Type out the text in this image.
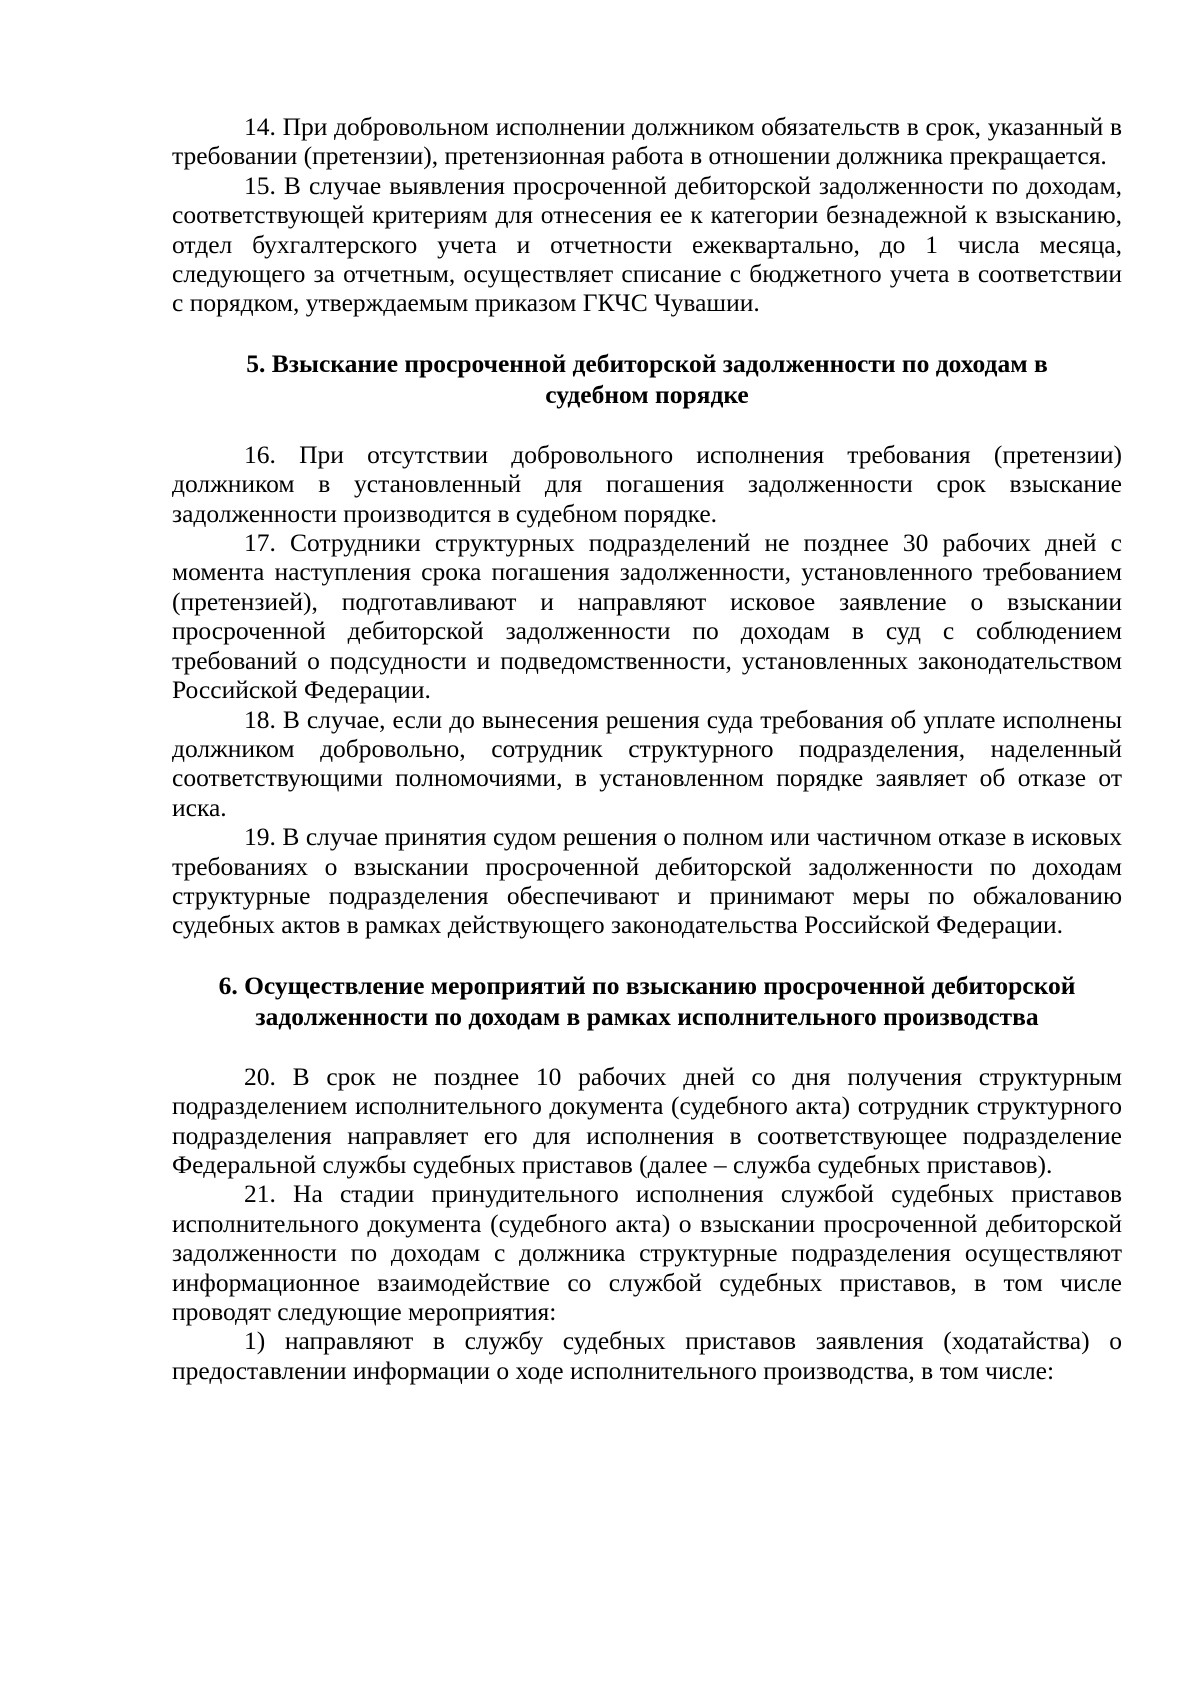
14. При добровольном исполнении должником обязательств в срок, указанный в требовании (претензии), претензионная работа в отношении должника прекращается.

15. В случае выявления просроченной дебиторской задолженности по доходам, соответствующей критериям для отнесения ее к категории безнадежной к взысканию, отдел бухгалтерского учета и отчетности ежеквартально, до 1 числа месяца, следующего за отчетным, осуществляет списание с бюджетного учета в соответствии с порядком, утверждаемым приказом ГКЧС Чувашии.

5. Взыскание просроченной дебиторской задолженности по доходам в
судебном порядке

16. При отсутствии добровольного исполнения требования (претензии) должником в установленный для погашения задолженности срок взыскание задолженности производится в судебном порядке.

17. Сотрудники структурных подразделений не позднее 30 рабочих дней с момента наступления срока погашения задолженности, установленного требованием (претензией), подготавливают и направляют исковое заявление о взыскании просроченной дебиторской задолженности по доходам в суд с соблюдением требований о подсудности и подведомственности, установленных законодательством Российской Федерации.

18. В случае, если до вынесения решения суда требования об уплате исполнены должником добровольно, сотрудник структурного подразделения, наделенный соответствующими полномочиями, в установленном порядке заявляет об отказе от иска.

19. В случае принятия судом решения о полном или частичном отказе в исковых требованиях о взыскании просроченной дебиторской задолженности по доходам структурные подразделения обеспечивают и принимают меры по обжалованию судебных актов в рамках действующего законодательства Российской Федерации.

6. Осуществление мероприятий по взысканию просроченной дебиторской
задолженности по доходам в рамках исполнительного производства

20. В срок не позднее 10 рабочих дней со дня получения структурным подразделением исполнительного документа (судебного акта) сотрудник структурного подразделения направляет его для исполнения в соответствующее подразделение Федеральной службы судебных приставов (далее – служба судебных приставов).

21. На стадии принудительного исполнения службой судебных приставов исполнительного документа (судебного акта) о взыскании просроченной дебиторской задолженности по доходам с должника структурные подразделения осуществляют информационное взаимодействие со службой судебных приставов, в том числе проводят следующие мероприятия:

1) направляют в службу судебных приставов заявления (ходатайства) о предоставлении информации о ходе исполнительного производства, в том числе:
